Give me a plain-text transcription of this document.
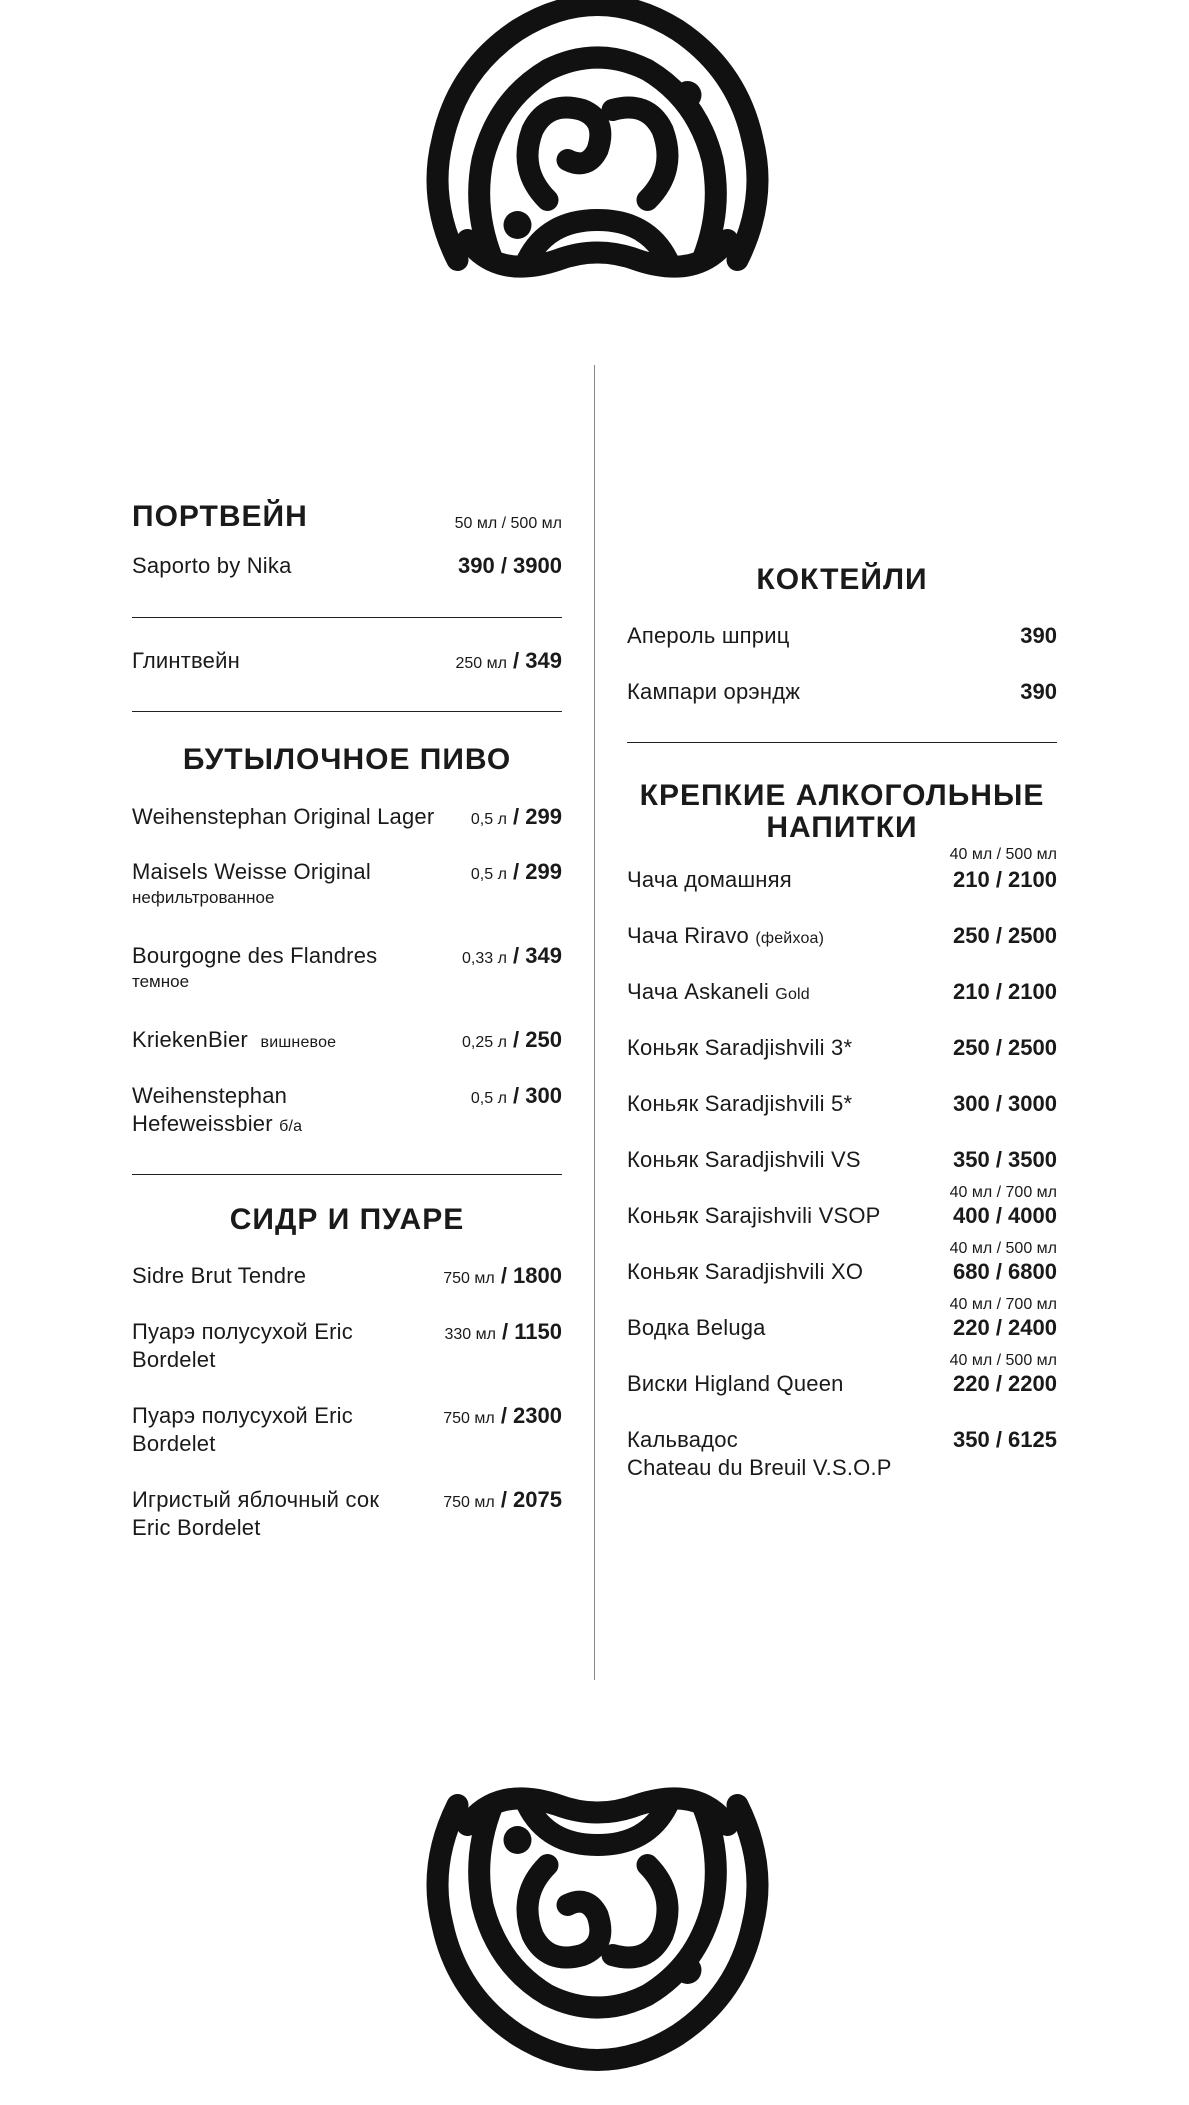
ПОРТВЕЙН	50 мл / 500 мл
Saporto by Nika	390 / 3900
Глинтвейн	250 мл / 349
БУТЫЛОЧНОЕ ПИВО
Weihenstephan Original Lager 0,5 л / 299
Maisels Weisse Original
нефильтрованное
0,5 л / 299
Bourgogne des Flandres
темное
0,33 л / 349
KriekenBier вишневое	0,25 л / 250
Weihenstephan
Hefeweissbier б/а
0,5 л / 300
СИДР И ПУАРЕ
Sidre Brut Tendre	750 мл / 1800
Пуарэ полусухой Eric
Bordelet
330 мл / 1150
Пуарэ полусухой Eric
Bordelet
750 мл / 2300
Игристый яблочный сок
Eric Bordelet
750 мл / 2075
КОКТЕЙЛИ
Апероль шприц	390
Кампари орэндж	390
КРЕПКИЕ АЛКОГОЛЬНЫЕ
НАПИТКИ
40 мл / 500 мл
Чача домашняя	210 / 2100
Чача Riravo (фейхоа)	250 / 2500
Чача Askaneli Gold	210 / 2100
Коньяк Saradjishvili 3*	250 / 2500
Коньяк Saradjishvili 5*	300 / 3000
Коньяк Saradjishvili VS	350 / 3500
40 мл / 700 мл
Коньяк Sarajishvili VSOP	400 / 4000
40 мл / 500 мл
Коньяк Saradjishvili XO	680 / 6800
40 мл / 700 мл
Водка Beluga	220 / 2400
40 мл / 500 мл
Виски Higland Queen	220 / 2200
Кальвадос
Chateau du Breuil V.S.O.P
350 / 6125
